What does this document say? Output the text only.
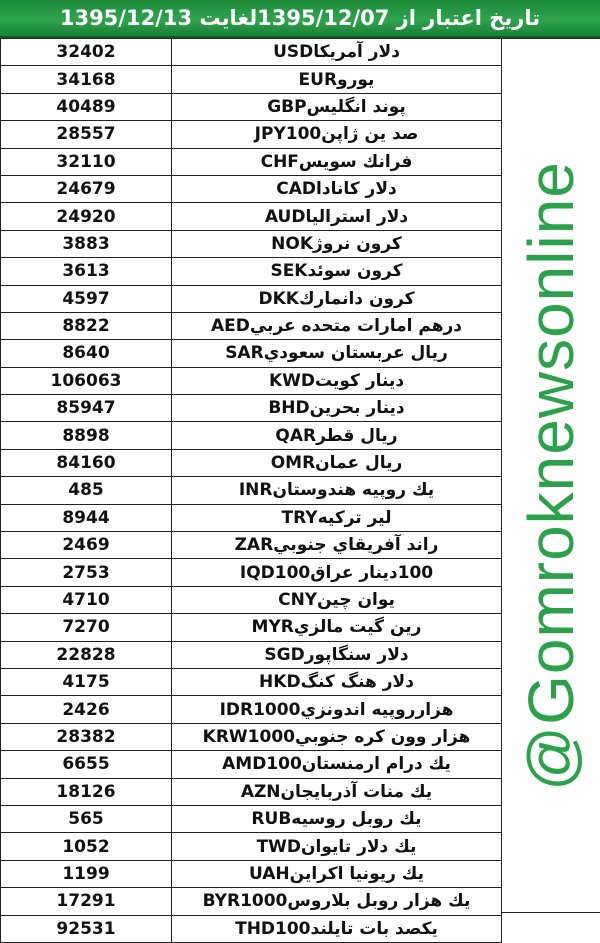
تاریخ اعتبار از 1395/12/07لغایت 1395/12/13
32402	دلار آمریکاUSD
34168	یوروEUR
40489	پوند انگلیسGBP
28557	صد ین ژاپنJPY100
32110	فرانك سويسCHF
24679	دلار کاناداCAD
24920	دلار استرالياAUD
3883	كرون نروژNOK
3613	كرون سوئدSEK
4597	كرون دانماركDKK
8822	درهم امارات متحده عربيAED
8640	ريال عربستان سعوديSAR
106063	دينار كويتKWD
85947	دينار بحرينBHD
8898	ريال قطرQAR
84160	ريال عمانOMR
485	يك روپيه هندوستانINR
8944	لير تركيهTRY
2469	راند آفريقاي جنوبيZAR
2753	100دينار عراقIQD100
4710	يوان چينCNY
7270	رين گيت مالزيMYR
22828	دلار سنگاپورSGD
4175	دلار هنگ كنگHKD
2426	هزارروپيه اندونزيIDR1000
28382	هزار وون كره جنوبيKRW1000
6655	يك درام ارمنستانAMD100
18126	يك منات آذربايجانAZN
565	يك روبل روسيهRUB
1052	يك دلار تايوانTWD
1199	يك ريونيا اكراينUAH
17291	يك هزار روبل بلاروسBYR1000
92531	يكصد بات تايلندTHD100
@Gomroknewsonline
